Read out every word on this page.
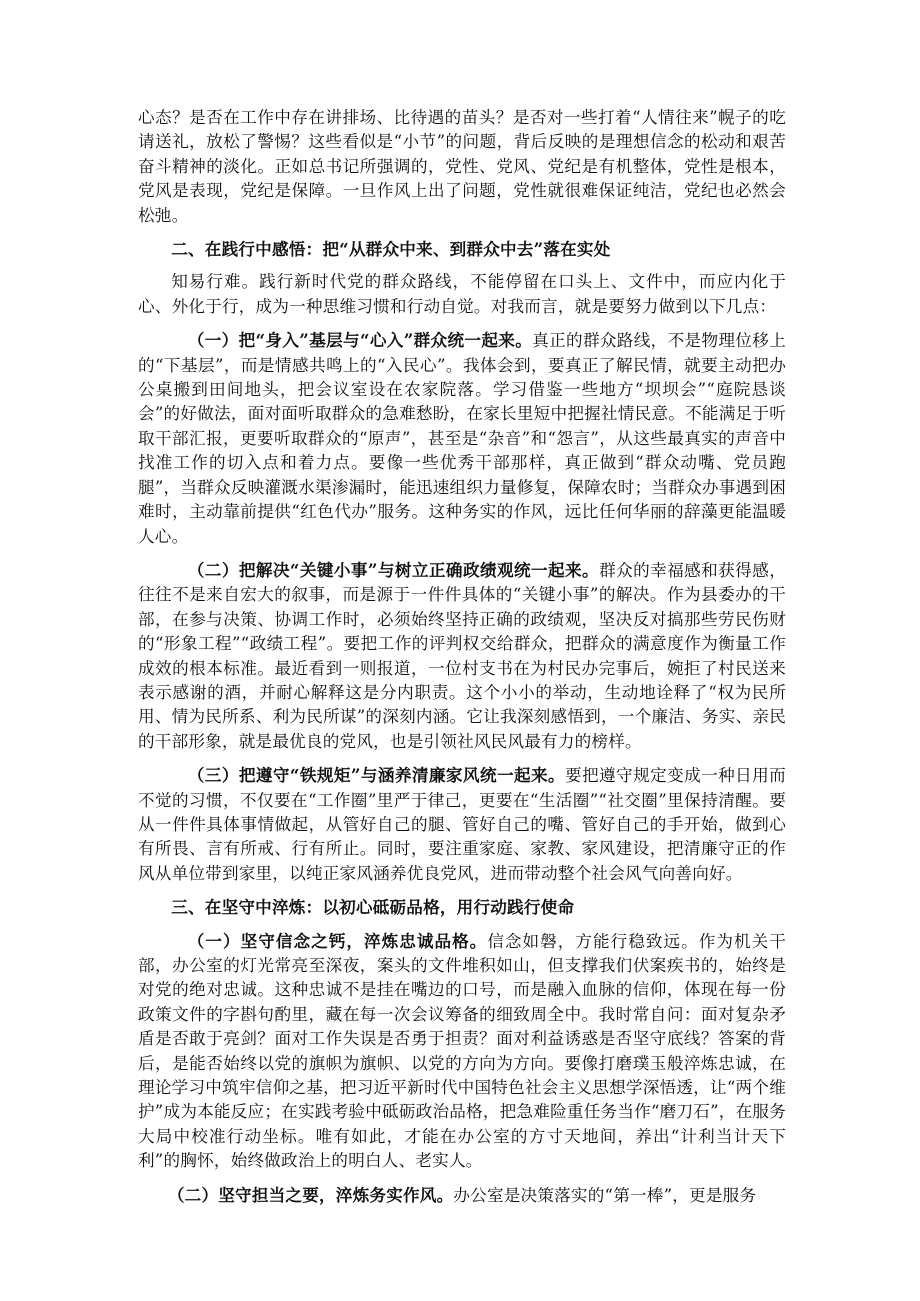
心态？是否在工作中存在讲排场、比待遇的苗头？是否对一些打着“人情往来”幌子的吃请送礼，放松了警惕？这些看似是“小节”的问题，背后反映的是理想信念的松动和艰苦奋斗精神的淡化。正如总书记所强调的，党性、党风、党纪是有机整体，党性是根本，党风是表现，党纪是保障。一旦作风上出了问题，党性就很难保证纯洁，党纪也必然会松弛。

二、在践行中感悟：把“从群众中来、到群众中去”落在实处

知易行难。践行新时代党的群众路线，不能停留在口头上、文件中，而应内化于心、外化于行，成为一种思维习惯和行动自觉。对我而言，就是要努力做到以下几点：

（一）把“身入”基层与“心入”群众统一起来。真正的群众路线，不是物理位移上的“下基层”，而是情感共鸣上的“入民心”。我体会到，要真正了解民情，就要主动把办公桌搬到田间地头，把会议室设在农家院落。学习借鉴一些地方“坝坝会”“庭院恳谈会”的好做法，面对面听取群众的急难愁盼，在家长里短中把握社情民意。不能满足于听取干部汇报，更要听取群众的“原声”，甚至是“杂音”和“怨言”，从这些最真实的声音中找准工作的切入点和着力点。要像一些优秀干部那样，真正做到“群众动嘴、党员跑腿”，当群众反映灌溉水渠渗漏时，能迅速组织力量修复，保障农时；当群众办事遇到困难时，主动靠前提供“红色代办”服务。这种务实的作风，远比任何华丽的辞藻更能温暖人心。

（二）把解决“关键小事”与树立正确政绩观统一起来。群众的幸福感和获得感，往往不是来自宏大的叙事，而是源于一件件具体的“关键小事”的解决。作为县委办的干部，在参与决策、协调工作时，必须始终坚持正确的政绩观，坚决反对搞那些劳民伤财的“形象工程”“政绩工程”。要把工作的评判权交给群众，把群众的满意度作为衡量工作成效的根本标准。最近看到一则报道，一位村支书在为村民办完事后，婉拒了村民送来表示感谢的酒，并耐心解释这是分内职责。这个小小的举动，生动地诠释了“权为民所用、情为民所系、利为民所谋”的深刻内涵。它让我深刻感悟到，一个廉洁、务实、亲民的干部形象，就是最优良的党风，也是引领社风民风最有力的榜样。

（三）把遵守“铁规矩”与涵养清廉家风统一起来。要把遵守规定变成一种日用而不觉的习惯，不仅要在“工作圈”里严于律己，更要在“生活圈”“社交圈”里保持清醒。要从一件件具体事情做起，从管好自己的腿、管好自己的嘴、管好自己的手开始，做到心有所畏、言有所戒、行有所止。同时，要注重家庭、家教、家风建设，把清廉守正的作风从单位带到家里，以纯正家风涵养优良党风，进而带动整个社会风气向善向好。

三、在坚守中淬炼：以初心砥砺品格，用行动践行使命

（一）坚守信念之钙，淬炼忠诚品格。信念如磐，方能行稳致远。作为机关干部，办公室的灯光常亮至深夜，案头的文件堆积如山，但支撑我们伏案疾书的，始终是对党的绝对忠诚。这种忠诚不是挂在嘴边的口号，而是融入血脉的信仰，体现在每一份政策文件的字斟句酌里，藏在每一次会议筹备的细致周全中。我时常自问：面对复杂矛盾是否敢于亮剑？面对工作失误是否勇于担责？面对利益诱惑是否坚守底线？答案的背后，是能否始终以党的旗帜为旗帜、以党的方向为方向。要像打磨璞玉般淬炼忠诚，在理论学习中筑牢信仰之基，把习近平新时代中国特色社会主义思想学深悟透，让“两个维护”成为本能反应；在实践考验中砥砺政治品格，把急难险重任务当作“磨刀石”，在服务大局中校准行动坐标。唯有如此，才能在办公室的方寸天地间，养出“计利当计天下利”的胸怀，始终做政治上的明白人、老实人。

（二）坚守担当之要，淬炼务实作风。办公室是决策落实的“第一棒”，更是服务
